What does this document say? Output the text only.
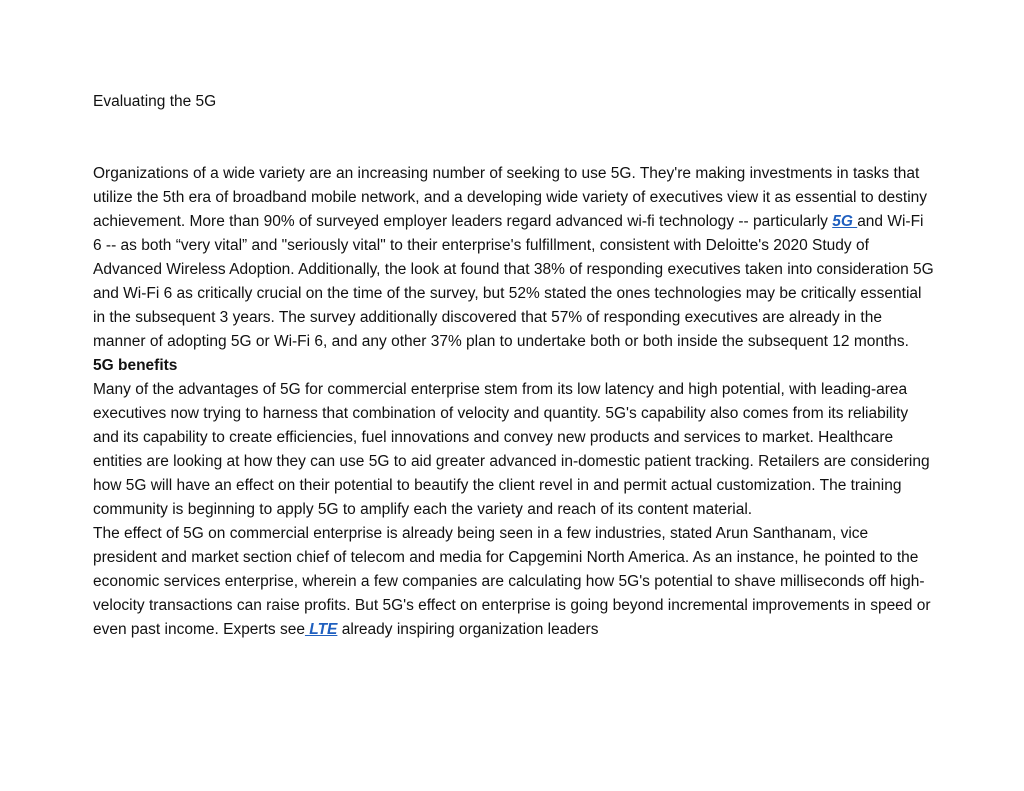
Evaluating the 5G

Organizations of a wide variety are an increasing number of seeking to use 5G. They're making investments in tasks that utilize the 5th era of broadband mobile network, and a developing wide variety of executives view it as essential to destiny achievement. More than 90% of surveyed employer leaders regard advanced wi-fi technology -- particularly 5G and Wi-Fi 6 -- as both “very vital” and "seriously vital" to their enterprise's fulfillment, consistent with Deloitte's 2020 Study of Advanced Wireless Adoption. Additionally, the look at found that 38% of responding executives taken into consideration 5G and Wi-Fi 6 as critically crucial on the time of the survey, but 52% stated the ones technologies may be critically essential in the subsequent 3 years. The survey additionally discovered that 57% of responding executives are already in the manner of adopting 5G or Wi-Fi 6, and any other 37% plan to undertake both or both inside the subsequent 12 months.

5G benefits

Many of the advantages of 5G for commercial enterprise stem from its low latency and high potential, with leading-area executives now trying to harness that combination of velocity and quantity. 5G's capability also comes from its reliability and its capability to create efficiencies, fuel innovations and convey new products and services to market. Healthcare entities are looking at how they can use 5G to aid greater advanced in-domestic patient tracking. Retailers are considering how 5G will have an effect on their potential to beautify the client revel in and permit actual customization. The training community is beginning to apply 5G to amplify each the variety and reach of its content material.

The effect of 5G on commercial enterprise is already being seen in a few industries, stated Arun Santhanam, vice president and market section chief of telecom and media for Capgemini North America. As an instance, he pointed to the economic services enterprise, wherein a few companies are calculating how 5G's potential to shave milliseconds off high-velocity transactions can raise profits. But 5G's effect on enterprise is going beyond incremental improvements in speed or even past income. Experts see LTE already inspiring organization leaders
